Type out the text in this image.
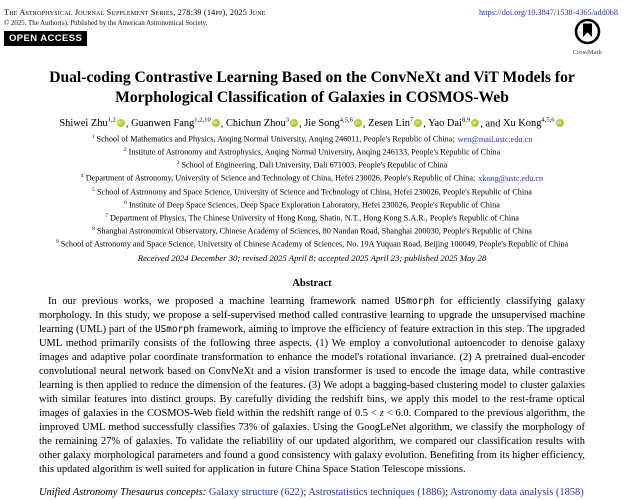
The Astrophysical Journal Supplement Series, 278:39 (14pp), 2025 June
© 2025. The Author(s). Published by the American Astronomical Society.
OPEN ACCESS
https://doi.org/10.3847/1538-4365/add0b8
CrossMark
Dual-coding Contrastive Learning Based on the ConvNeXt and ViT Models for Morphological Classification of Galaxies in COSMOS-Web
Shiwei Zhu$^{1,2}$ iD , Guanwen Fang$^{1,2,10}$ iD , Chichun Zhou$^3$ iD , Jie Song$^{4,5,6}$ iD , Zesen Lin$^7$ iD , Yao Dai$^{8,9}$ iD , and Xu Kong$^{4,5,6}$iD
$^1$ School of Mathematics and Physics, Anqing Normal University, Anqing 246011, People's Republic of China; wen@mail.ustc.edu.cn
$^2$ Institute of Astronomy and Astrophysics, Anqing Normal University, Anqing 246133, People's Republic of China
$^3$ School of Engineering, Dali University, Dali 671003, People's Republic of China
$^4$ Department of Astronomy, University of Science and Technology of China, Hefei 230026, People's Republic of China; xkong@ustc.edu.cn
$^5$ School of Astronomy and Space Science, University of Science and Technology of China, Hefei 230026, People's Republic of China
$^6$ Institute of Deep Space Sciences, Deep Space Exploration Laboratory, Hefei 230026, People's Republic of China
$^7$ Department of Physics, The Chinese University of Hong Kong, Shatin, N.T., Hong Kong S.A.R., People's Republic of China
$^8$ Shanghai Astronomical Observatory, Chinese Academy of Sciences, 80 Nandan Road, Shanghai 200030, People's Republic of China
$^9$ School of Astronomy and Space Science, University of Chinese Academy of Sciences, No. 19A Yuquan Road, Beijing 100049, People's Republic of China
Received 2024 December 30; revised 2025 April 8; accepted 2025 April 23; published 2025 May 28
Abstract

In our previous works, we proposed a machine learning framework named USmorph for efficiently classifying galaxy morphology. In this study, we propose a self-supervised method called contrastive learning to upgrade the unsupervised machine learning (UML) part of the USmorph framework, aiming to improve the efficiency of feature extraction in this step. The upgraded UML method primarily consists of the following three aspects. (1) We employ a convolutional autoencoder to denoise galaxy images and adaptive polar coordinate transformation to enhance the model's rotational invariance. (2) A pretrained dual-encoder convolutional neural network based on ConvNeXt and a vision transformer is used to encode the image data, while contrastive learning is then applied to reduce the dimension of the features. (3) We adopt a bagging-based clustering model to cluster galaxies with similar features into distinct groups. By carefully dividing the redshift bins, we apply this model to the rest-frame optical images of galaxies in the COSMOS-Web field within the redshift range of 0.5 < z < 6.0. Compared to the previous algorithm, the improved UML method successfully classifies 73% of galaxies. Using the GoogLeNet algorithm, we classify the morphology of the remaining 27% of galaxies. To validate the reliability of our updated algorithm, we compared our classification results with other galaxy morphological parameters and found a good consistency with galaxy evolution. Benefiting from its higher efficiency, this updated algorithm is well suited for application in future China Space Station Telescope missions.

Unified Astronomy Thesaurus concepts: Galaxy structure (622); Astrostatistics techniques (1886); Astronomy data analysis (1858)
